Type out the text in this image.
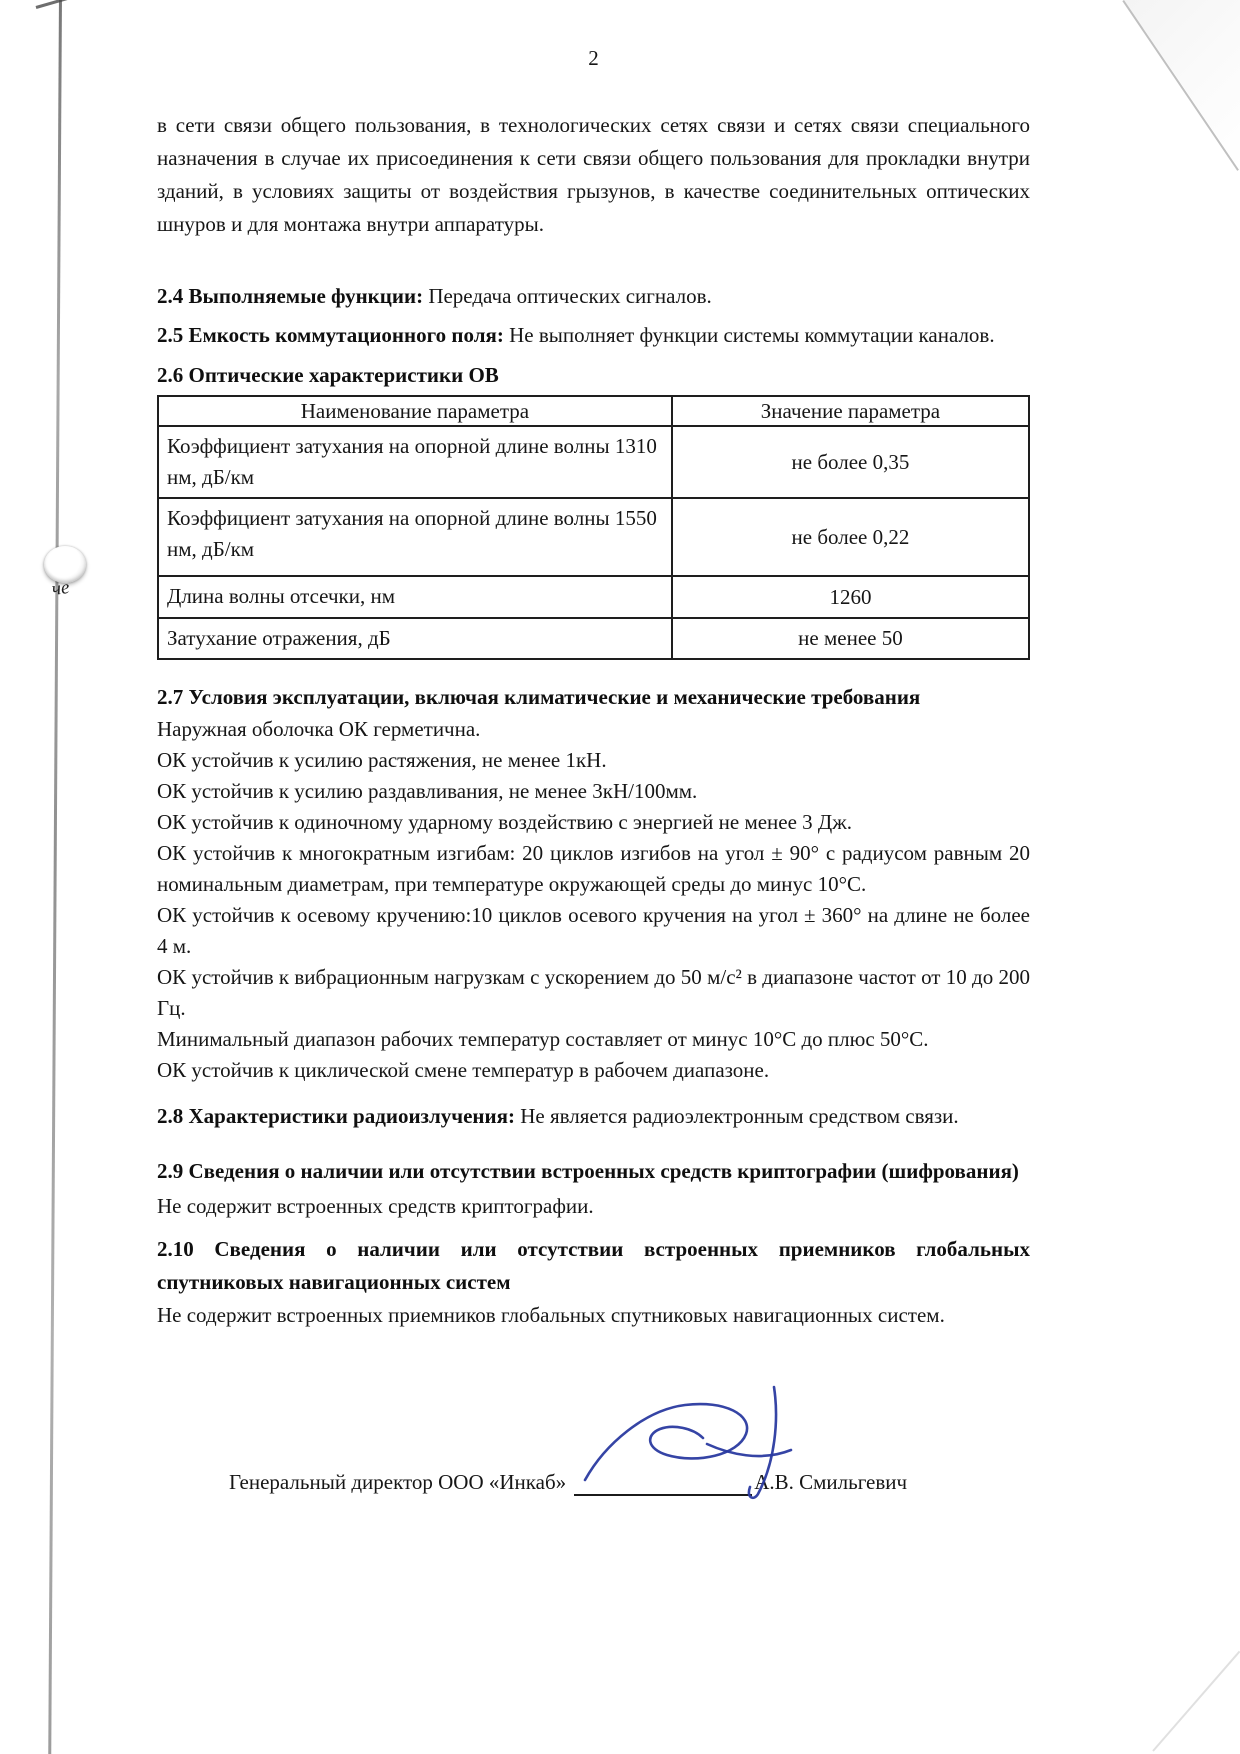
че
2

в сети связи общего пользования, в технологических сетях связи и сетях связи специального назначения в случае их присоединения к сети связи общего пользования для прокладки внутри зданий, в условиях защиты от воздействия грызунов, в качестве соединительных оптических шнуров и для монтажа внутри аппаратуры.

2.4 Выполняемые функции: Передача оптических сигналов.

2.5 Емкость коммутационного поля: Не выполняет функции системы коммутации каналов.

2.6 Оптические характеристики ОВ

Наименование параметра	Значение параметра
Коэффициент затухания на опорной длине волны 1310 нм, дБ/км	не более 0,35
Коэффициент затухания на опорной длине волны 1550 нм, дБ/км	не более 0,22
Длина волны отсечки, нм	1260
Затухание отражения, дБ	не менее 50

2.7 Условия эксплуатации, включая климатические и механические требования

Наружная оболочка ОК герметична.

ОК устойчив к усилию растяжения, не менее 1кН.

ОК устойчив к усилию раздавливания, не менее 3кН/100мм.

ОК устойчив к одиночному ударному воздействию с энергией не менее 3 Дж.

ОК устойчив к многократным изгибам: 20 циклов изгибов на угол ± 90° с радиусом равным 20 номинальным диаметрам, при температуре окружающей среды до минус 10°С.

ОК устойчив к осевому кручению:10 циклов осевого кручения на угол ± 360° на длине не более 4 м.

ОК устойчив к вибрационным нагрузкам с ускорением до 50 м/с² в диапазоне частот от 10 до 200 Гц.

Минимальный диапазон рабочих температур составляет от минус 10°С до плюс 50°С.

ОК устойчив к циклической смене температур в рабочем диапазоне.

2.8 Характеристики радиоизлучения: Не является радиоэлектронным средством связи.

2.9 Сведения о наличии или отсутствии встроенных средств криптографии (шифрования)

Не содержит встроенных средств криптографии.

2.10 Сведения о наличии или отсутствии встроенных приемников глобальных спутниковых навигационных систем

Не содержит встроенных приемников глобальных спутниковых навигационных систем.

Генеральный директор ООО «Инкаб»	А.В. Смильгевич
